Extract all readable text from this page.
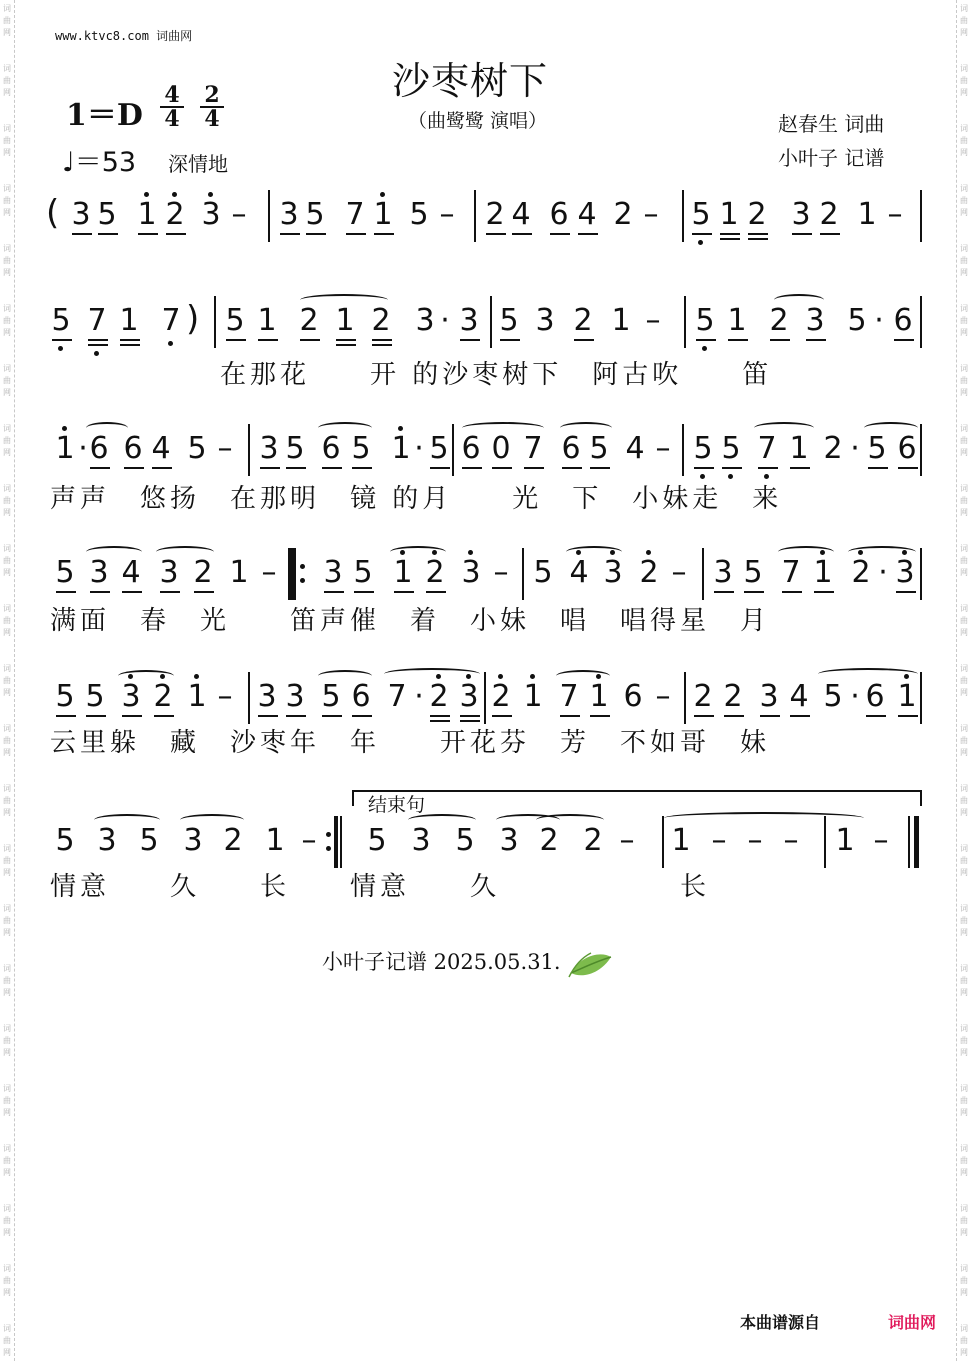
词
曲
网
词
曲
网
词
曲
网
词
曲
网
词
曲
网
词
曲
网
词
曲
网
词
曲
网
词
曲
网
词
曲
网
词
曲
网
词
曲
网
词
曲
网
词
曲
网
词
曲
网
词
曲
网
词
曲
网
词
曲
网
词
曲
网
词
曲
网
词
曲
网
词
曲
网
词
曲
网
词
曲
网
词
曲
网
词
曲
网
词
曲
网
词
曲
网
词
曲
网
词
曲
网
词
曲
网
词
曲
网
词
曲
网
词
曲
网
词
曲
网
词
曲
网
词
曲
网
词
曲
网
词
曲
网
词
曲
网
词
曲
网
词
曲
网
词
曲
网
词
曲
网
词
曲
网
词
曲
网
www.ktvc8.com 词曲网
沙枣树下
（曲鹭鹭 演唱）
1＝D
4
4
2
4
♩＝53 深情地
赵春生 词曲
小叶子 记谱
3 5 1 2 3 – 3 5 7 1 5 – 2 4 6 4 2 – 5 1 2 3 2 1 –
(
5 7 1 7 5 1 2 1 2 3 · 3 5 3 2 1 – 5 1 2 3 5 · 6
)
1 · 6 6 4 5 – 3 5 6 5 1 · 5 6 0 7 6 5 4 – 5 5 7 1 2 · 5 6
5 3 4 3 2 1 – 3 5 1 2 3 – 5 4 3 2 – 3 5 7 1 2 · 3
5 5 3 2 1 – 3 3 5 6 7 · 2 3 2 1 7 1 6 – 2 2 3 4 5 · 6 1
5 3 5 3 2 1 – 5 3 5 3 2 2 – 1 – – – 1 –
在那花　　开 的沙枣树下　阿古吹　　笛
声声　悠扬　在那明　镜 的月　　光　下　小妹走　来
满面　春　光　　笛声催　着　小妹　唱　唱得星　月
云里躲　藏　沙枣年　年　　开花芬　芳　不如哥　妹
情意　　久　　长　　情意　　久　　　　　　长
结束句
小叶子记谱 2025.05.31.
本曲谱源自	词曲网
